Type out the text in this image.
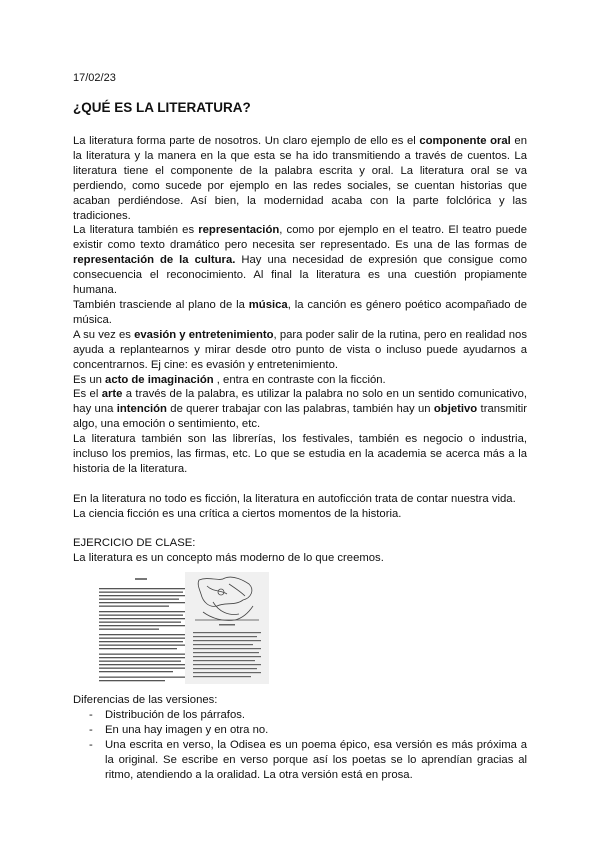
17/02/23
¿QUÉ ES LA LITERATURA?

La literatura forma parte de nosotros. Un claro ejemplo de ello es el componente oral en la literatura y la manera en la que esta se ha ido transmitiendo a través de cuentos. La literatura tiene el componente de la palabra escrita y oral. La literatura oral se va perdiendo, como sucede por ejemplo en las redes sociales, se cuentan historias que acaban perdiéndose. Así bien, la modernidad acaba con la parte folclórica y las tradiciones.

La literatura también es representación, como por ejemplo en el teatro. El teatro puede existir como texto dramático pero necesita ser representado. Es una de las formas de representación de la cultura. Hay una necesidad de expresión que consigue como consecuencia el reconocimiento. Al final la literatura es una cuestión propiamente humana.

También trasciende al plano de la música, la canción es género poético acompañado de música.

A su vez es evasión y entretenimiento, para poder salir de la rutina, pero en realidad nos ayuda a replantearnos y mirar desde otro punto de vista o incluso puede ayudarnos a concentrarnos. Ej cine: es evasión y entretenimiento.

Es un acto de imaginación , entra en contraste con la ficción.

Es el arte a través de la palabra, es utilizar la palabra no solo en un sentido comunicativo, hay una intención de querer trabajar con las palabras, también hay un objetivo transmitir algo, una emoción o sentimiento, etc.

La literatura también son las librerías, los festivales, también es negocio o industria, incluso los premios, las firmas, etc. Lo que se estudia en la academia se acerca más a la historia de la literatura.

En la literatura no todo es ficción, la literatura en autoficción trata de contar nuestra vida.

La ciencia ficción es una crítica a ciertos momentos de la historia.

EJERCICIO DE CLASE:

La literatura es un concepto más moderno de lo que creemos.

Diferencias de las versiones:

- Distribución de los párrafos.
- En una hay imagen y en otra no.
- Una escrita en verso, la Odisea es un poema épico, esa versión es más próxima a la original. Se escribe en verso porque así los poetas se lo aprendían gracias al ritmo, atendiendo a la oralidad. La otra versión está en prosa.
